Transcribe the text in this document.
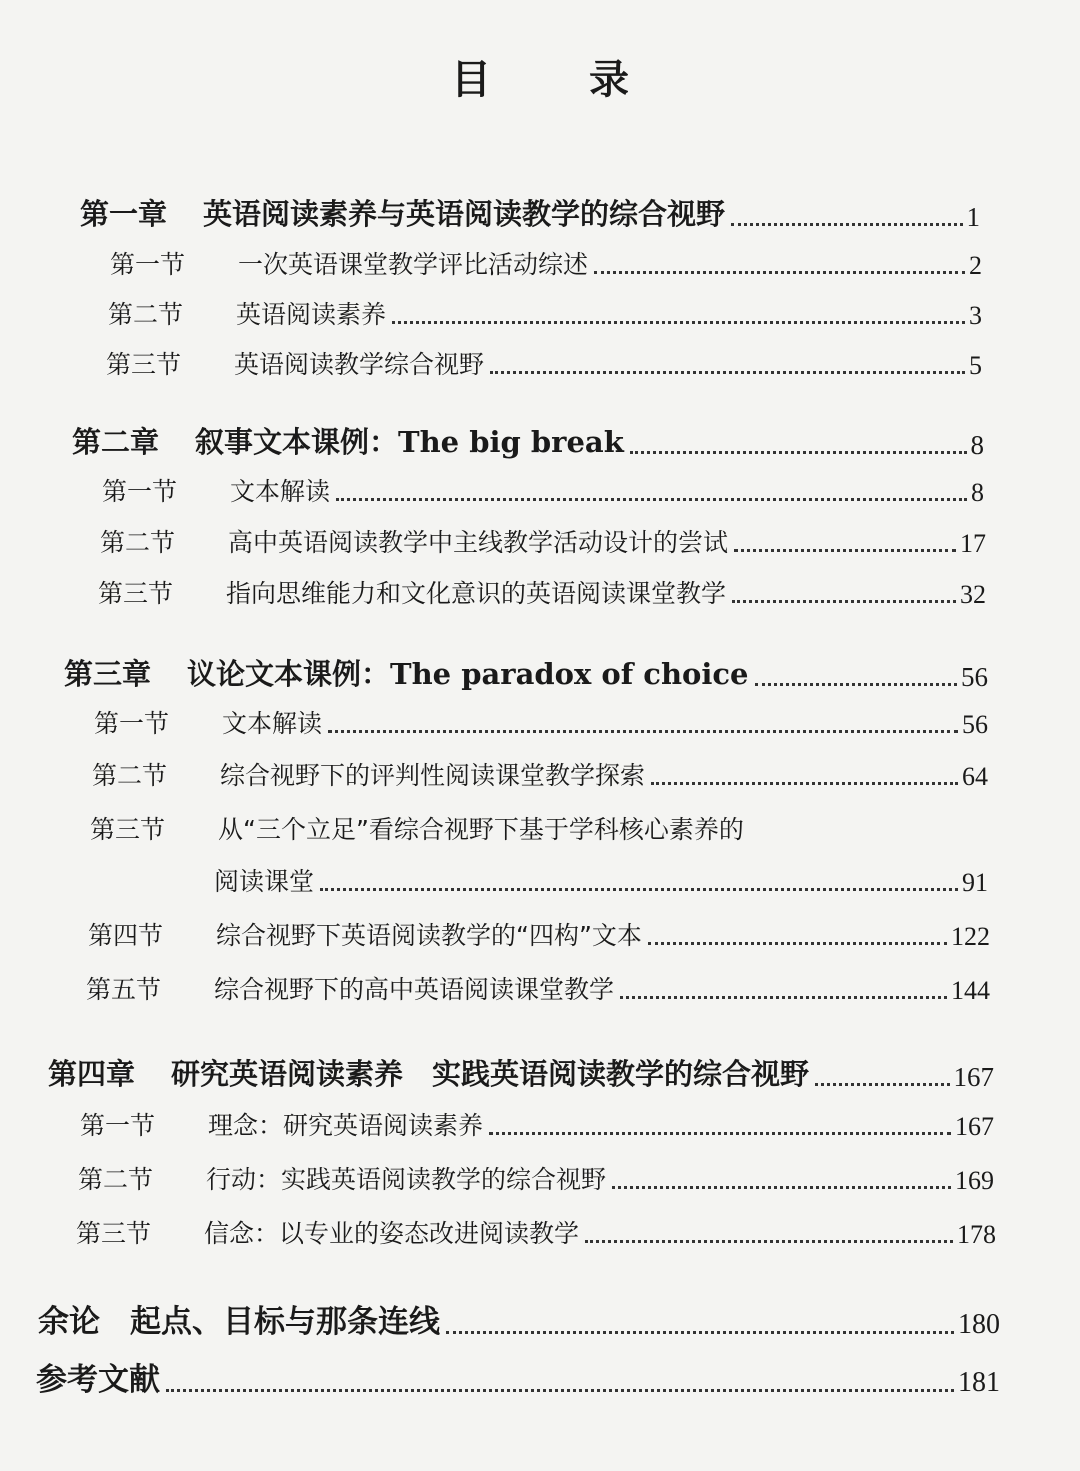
目 录
第一章	英语阅读素养与英语阅读教学的综合视野	1
第一节	一次英语课堂教学评比活动综述	2
第二节	英语阅读素养	3
第三节	英语阅读教学综合视野	5
第二章	叙事文本课例：The big break	8
第一节	文本解读	8
第二节	高中英语阅读教学中主线教学活动设计的尝试	17
第三节	指向思维能力和文化意识的英语阅读课堂教学	32
第三章	议论文本课例：The paradox of choice	56
第一节	文本解读	56
第二节	综合视野下的评判性阅读课堂教学探索	64
第三节 从“三个立足”看综合视野下基于学科核心素养的
阅读课堂	91
第四节	综合视野下英语阅读教学的“四构”文本	122
第五节	综合视野下的高中英语阅读课堂教学	144
第四章	研究英语阅读素养　实践英语阅读教学的综合视野	167
第一节	理念：研究英语阅读素养	167
第二节	行动：实践英语阅读教学的综合视野	169
第三节	信念：以专业的姿态改进阅读教学	178
余论 起点、目标与那条连线	180
参考文献	181
